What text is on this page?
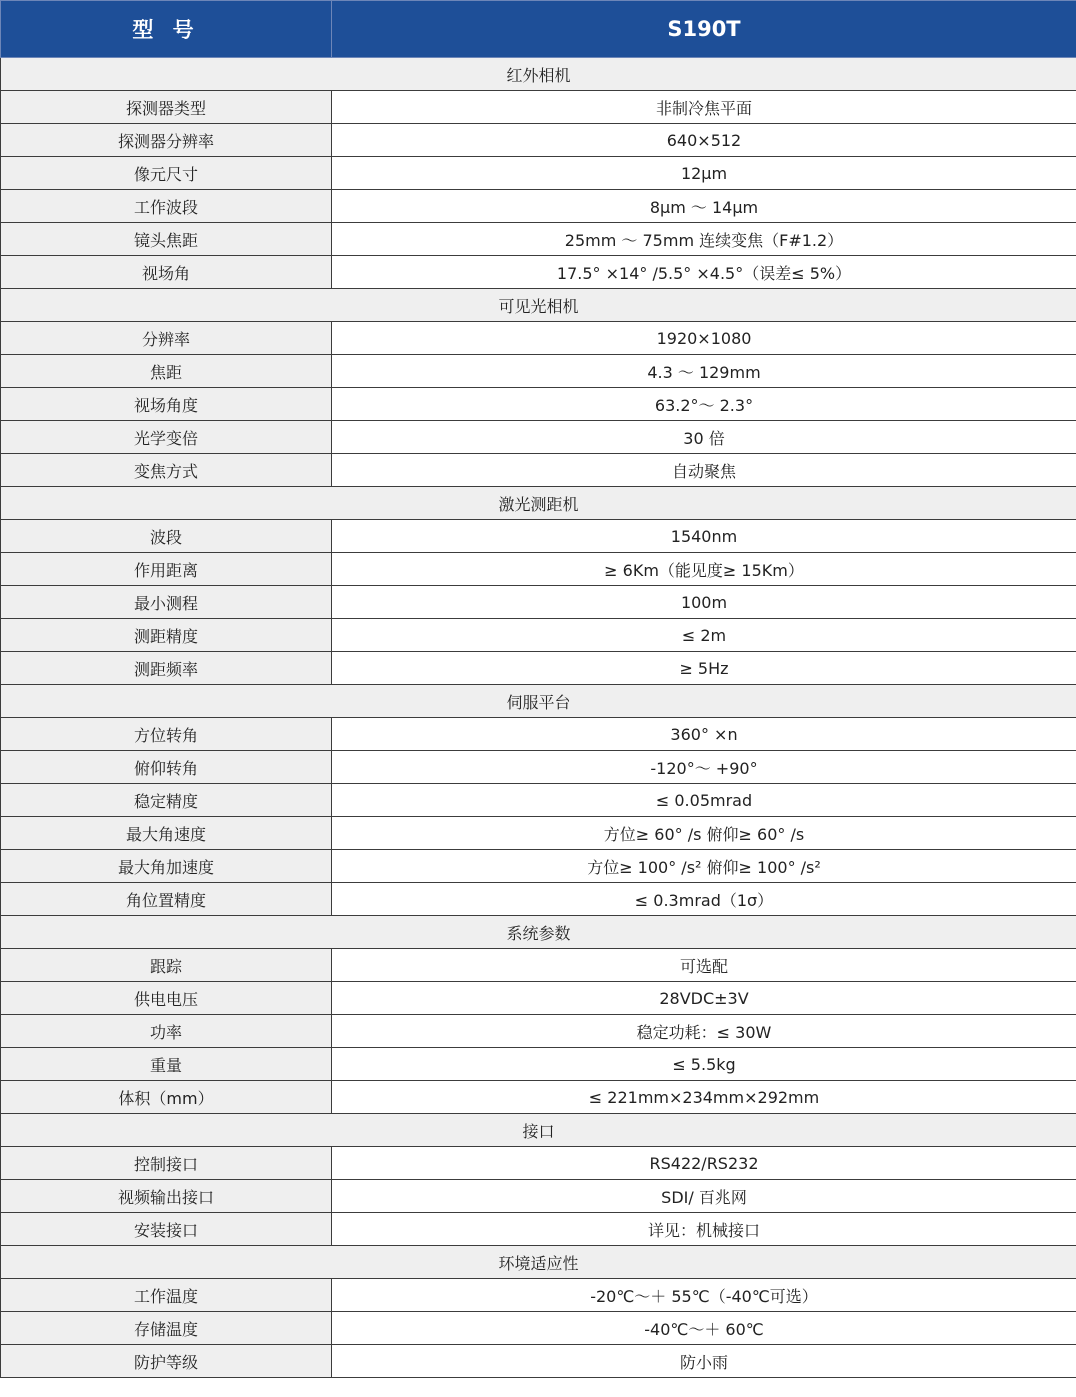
型 号	S190T
红外相机	
探测器类型	非制冷焦平面
探测器分辨率	640×512
像元尺寸	12μm
工作波段	8μm ～ 14μm
镜头焦距	25mm ～ 75mm 连续变焦（F#1.2）
视场角	17.5° ×14° /5.5° ×4.5°（误差≤ 5%）
可见光相机	
分辨率	1920×1080
焦距	4.3 ～ 129mm
视场角度	63.2°～ 2.3°
光学变倍	30 倍
变焦方式	自动聚焦
激光测距机	
波段	1540nm
作用距离	≥ 6Km（能见度≥ 15Km）
最小测程	100m
测距精度	≤ 2m
测距频率	≥ 5Hz
伺服平台	
方位转角	360° ×n
俯仰转角	-120°～ +90°
稳定精度	≤ 0.05mrad
最大角速度	方位≥ 60° /s 俯仰≥ 60° /s
最大角加速度	方位≥ 100° /s² 俯仰≥ 100° /s²
角位置精度	≤ 0.3mrad（1σ）
系统参数	
跟踪	可选配
供电电压	28VDC±3V
功率	稳定功耗：≤ 30W
重量	≤ 5.5kg
体积（mm）	≤ 221mm×234mm×292mm
接口	
控制接口	RS422/RS232
视频输出接口	SDI/ 百兆网
安装接口	详见：机械接口
环境适应性	
工作温度	-20℃～＋ 55℃（-40℃可选）
存储温度	-40℃～＋ 60℃
防护等级	防小雨
